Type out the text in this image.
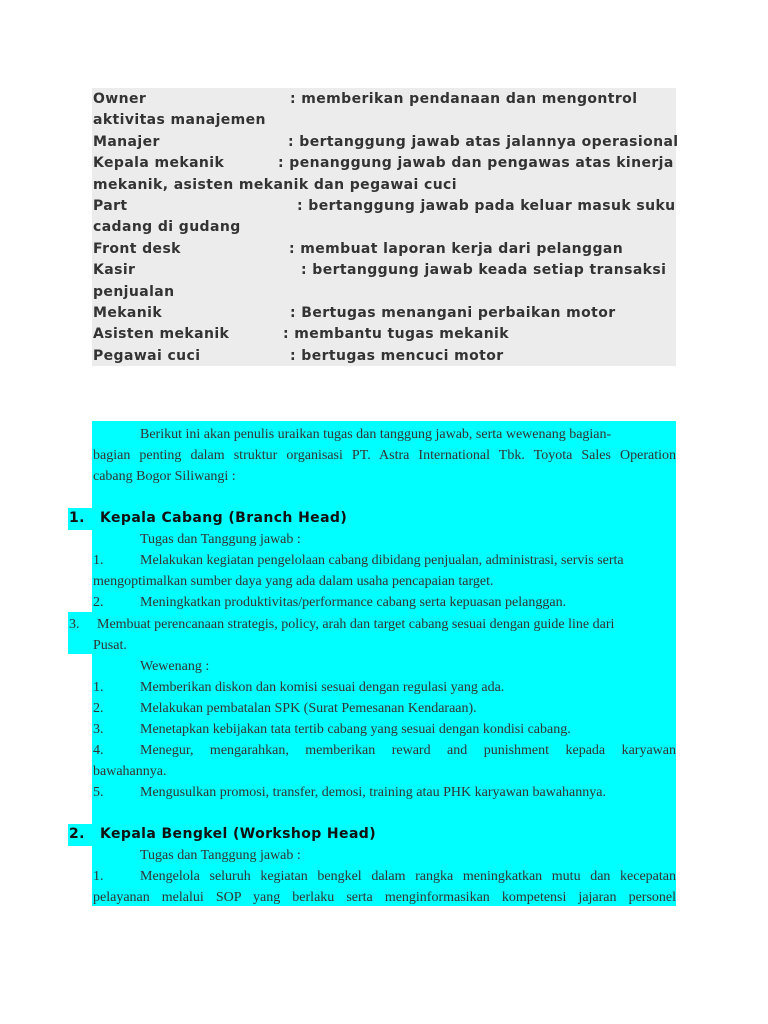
Owner	: memberikan pendanaan dan mengontrol
aktivitas manajemen
Manajer	: bertanggung jawab atas jalannya operasional
Kepala mekanik	: penanggung jawab dan pengawas atas kinerja
mekanik, asisten mekanik dan pegawai cuci
Part	: bertanggung jawab pada keluar masuk suku
cadang di gudang
Front desk	: membuat laporan kerja dari pelanggan
Kasir	: bertanggung jawab keada setiap transaksi
penjualan
Mekanik	: Bertugas menangani perbaikan motor
Asisten mekanik	: membantu tugas mekanik
Pegawai cuci	: bertugas mencuci motor
Berikut ini akan penulis uraikan tugas dan tanggung jawab, serta wewenang bagian-
bagian penting dalam struktur organisasi PT. Astra International Tbk. Toyota Sales Operation
cabang Bogor Siliwangi :
1. Kepala Cabang (Branch Head)
Tugas dan Tanggung jawab :
1.	Melakukan kegiatan pengelolaan cabang dibidang penjualan, administrasi, servis serta
mengoptimalkan sumber daya yang ada dalam usaha pencapaian target.
2.	Meningkatkan produktivitas/performance cabang serta kepuasan pelanggan.
3. Membuat perencanaan strategis, policy, arah dan target cabang sesuai dengan guide line dari
Pusat.
Wewenang :
1.	Memberikan diskon dan komisi sesuai dengan regulasi yang ada.
2.	Melakukan pembatalan SPK (Surat Pemesanan Kendaraan).
3.	Menetapkan kebijakan tata tertib cabang yang sesuai dengan kondisi cabang.
4.	Menegur, mengarahkan, memberikan reward and punishment kepada karyawan
bawahannya.
5.	Mengusulkan promosi, transfer, demosi, training atau PHK karyawan bawahannya.
2. Kepala Bengkel (Workshop Head)
Tugas dan Tanggung jawab :
1.	Mengelola seluruh kegiatan bengkel dalam rangka meningkatkan mutu dan kecepatan
pelayanan melalui SOP yang berlaku serta menginformasikan kompetensi jajaran personel
